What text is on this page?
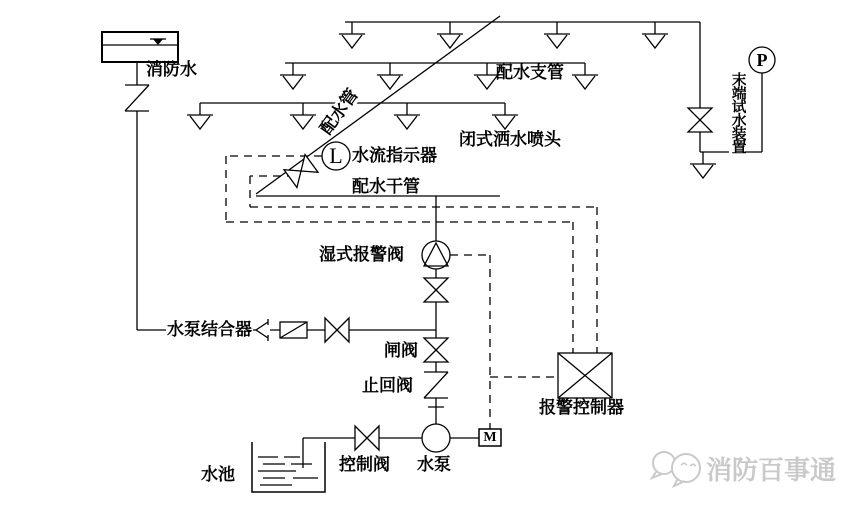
消防水	配水支管
闭式洒水喷头
配水管
水流指示器
配水干管
湿式报警阀
水泵结合器
闸阀
止回阀
报警控制器
水池
控制阀 水泵
末端试水装置
L
P
M
消防百事通
